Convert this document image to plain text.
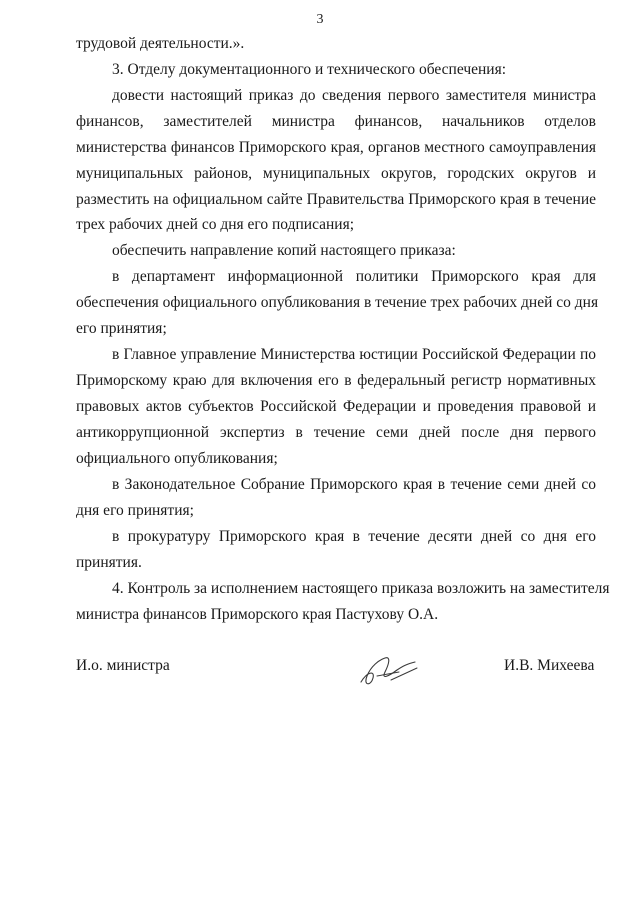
3
трудовой деятельности.».
3. Отделу документационного и технического обеспечения:
довести настоящий приказ до сведения первого заместителя министра
финансов, заместителей министра финансов, начальников отделов
министерства финансов Приморского края, органов местного самоуправления
муниципальных районов, муниципальных округов, городских округов и
разместить на официальном сайте Правительства Приморского края в течение
трех рабочих дней со дня его подписания;
обеспечить направление копий настоящего приказа:
в департамент информационной политики Приморского края для
обеспечения официального опубликования в течение трех рабочих дней со дня
его принятия;
в Главное управление Министерства юстиции Российской Федерации по
Приморскому краю для включения его в федеральный регистр нормативных
правовых актов субъектов Российской Федерации и проведения правовой и
антикоррупционной экспертиз в течение семи дней после дня первого
официального опубликования;
в Законодательное Собрание Приморского края в течение семи дней со
дня его принятия;
в прокуратуру Приморского края в течение десяти дней со дня его
принятия.
4. Контроль за исполнением настоящего приказа возложить на заместителя
министра финансов Приморского края Пастухову О.А.
И.о. министра	И.В. Михеева
